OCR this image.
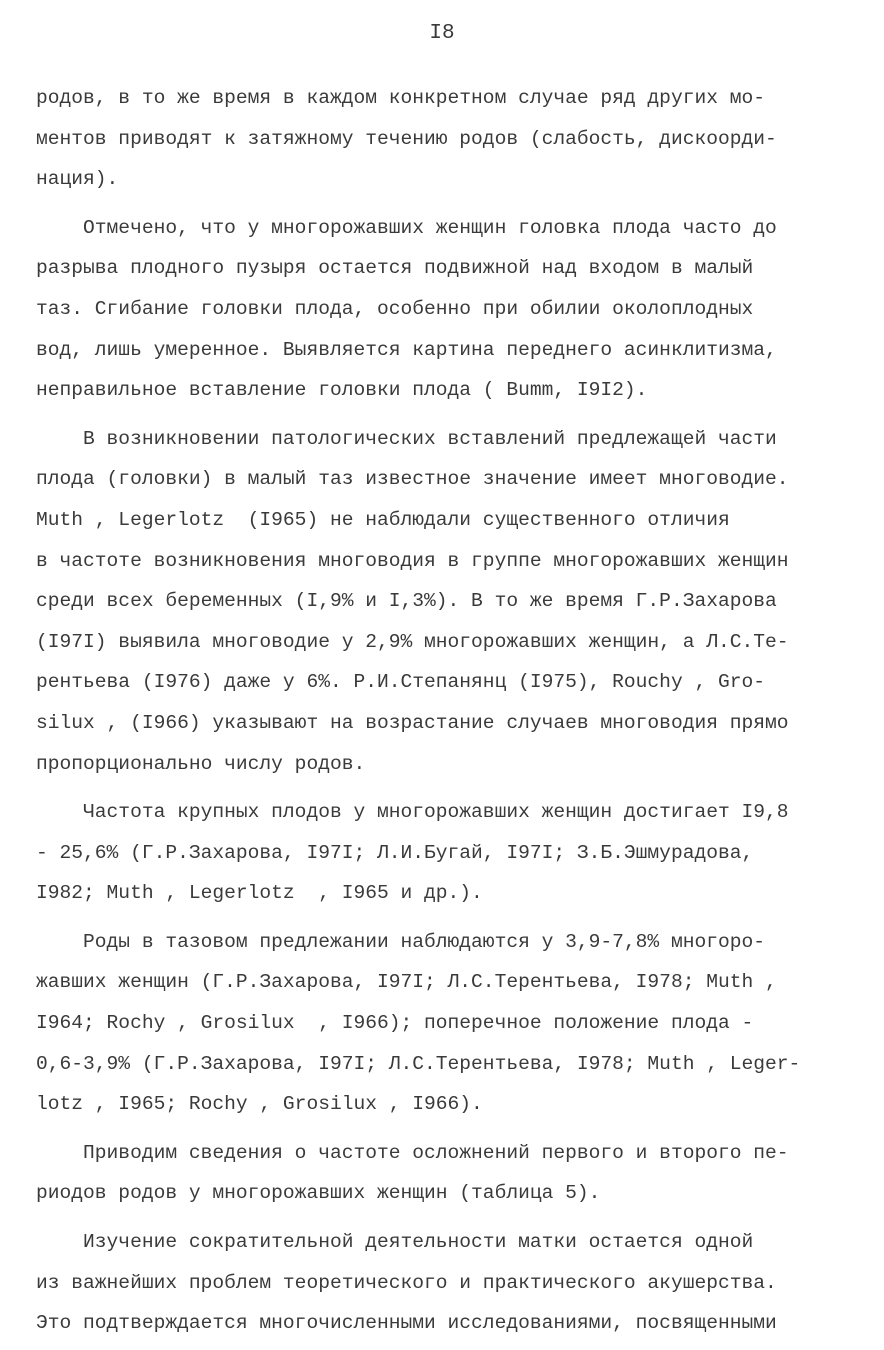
I8
родов, в то же время в каждом конкретном случае ряд других мо-
ментов приводят к затяжному течению родов (слабость, дискоорди-
нация).
Отмечено, что у многорожавших женщин головка плода часто до
разрыва плодного пузыря остается подвижной над входом в малый
таз. Сгибание головки плода, особенно при обилии околоплодных
вод, лишь умеренное. Выявляется картина переднего асинклитизма,
неправильное вставление головки плода ( Bumm, I9I2).
В возникновении патологических вставлений предлежащей части
плода (головки) в малый таз известное значение имеет многоводие.
Muth , Legerlotz  (I965) не наблюдали существенного отличия
в частоте возникновения многоводия в группе многорожавших женщин
среди всех беременных (I,9% и I,3%). В то же время Г.Р.Захарова
(I97I) выявила многоводие у 2,9% многорожавших женщин, а Л.С.Те-
рентьева (I976) даже у 6%. Р.И.Степанянц (I975), Rouchy , Gro-
silux , (I966) указывают на возрастание случаев многоводия прямо
пропорционально числу родов.
Частота крупных плодов у многорожавших женщин достигает I9,8
- 25,6% (Г.Р.Захарова, I97I; Л.И.Бугай, I97I; З.Б.Эшмурадова,
I982; Muth , Legerlotz  , I965 и др.).
Роды в тазовом предлежании наблюдаются у 3,9-7,8% многоро-
жавших женщин (Г.Р.Захарова, I97I; Л.С.Терентьева, I978; Muth ,
I964; Rochy , Grosilux  , I966); поперечное положение плода -
0,6-3,9% (Г.Р.Захарова, I97I; Л.С.Терентьева, I978; Muth , Leger-
lotz , I965; Rochy , Grosilux , I966).
Приводим сведения о частоте осложнений первого и второго пе-
риодов родов у многорожавших женщин (таблица 5).
Изучение сократительной деятельности матки остается одной
из важнейших проблем теоретического и практического акушерства.
Это подтверждается многочисленными исследованиями, посвященными
